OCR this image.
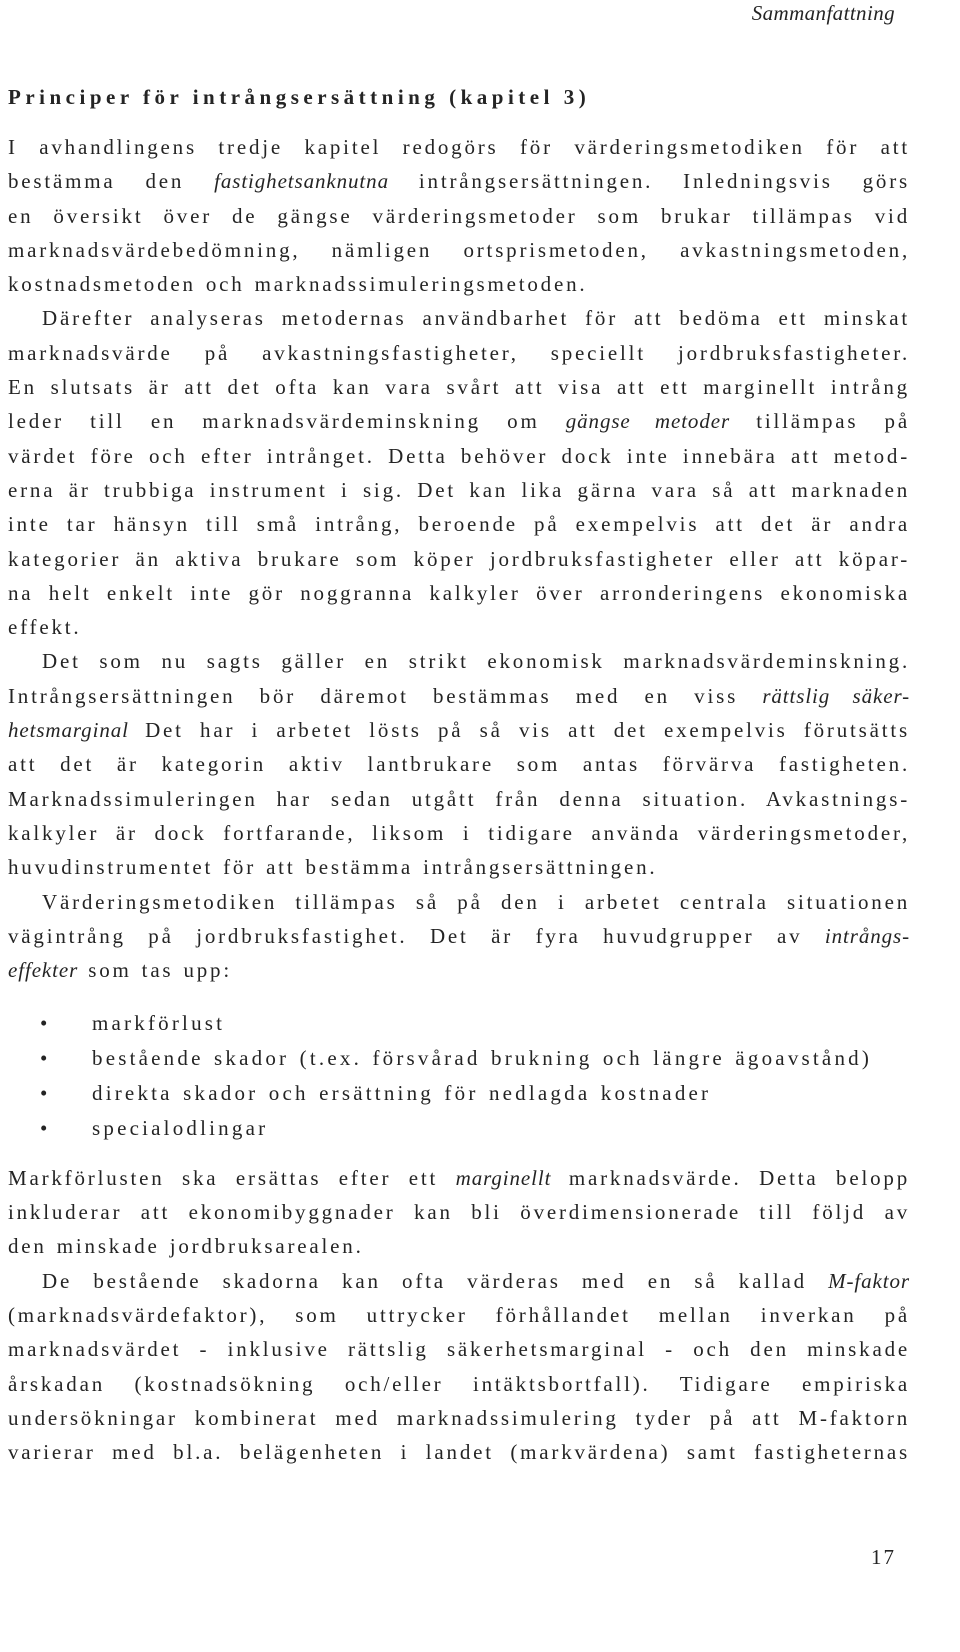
Sammanfattning
Principer för intrångsersättning (kapitel 3)
I avhandlingens tredje kapitel redogörs för värderingsmetodiken för att
bestämma den fastighetsanknutna intrångsersättningen. Inledningsvis görs
en översikt över de gängse värderingsmetoder som brukar tillämpas vid
marknadsvärdebedömning, nämligen ortsprismetoden, avkastningsmetoden,
kostnadsmetoden och marknadssimuleringsmetoden.
Därefter analyseras metodernas användbarhet för att bedöma ett minskat
marknadsvärde på avkastningsfastigheter, speciellt jordbruksfastigheter.
En slutsats är att det ofta kan vara svårt att visa att ett marginellt intrång
leder till en marknadsvärdeminskning om gängse metoder tillämpas på
värdet före och efter intrånget. Detta behöver dock inte innebära att metod-
erna är trubbiga instrument i sig. Det kan lika gärna vara så att marknaden
inte tar hänsyn till små intrång, beroende på exempelvis att det är andra
kategorier än aktiva brukare som köper jordbruksfastigheter eller att köpar-
na helt enkelt inte gör noggranna kalkyler över arronderingens ekonomiska
effekt.
Det som nu sagts gäller en strikt ekonomisk marknadsvärdeminskning.
Intrångsersättningen bör däremot bestämmas med en viss rättslig säker-
hetsmarginal Det har i arbetet lösts på så vis att det exempelvis förutsätts
att det är kategorin aktiv lantbrukare som antas förvärva fastigheten.
Marknadssimuleringen har sedan utgått från denna situation. Avkastnings-
kalkyler är dock fortfarande, liksom i tidigare använda värderingsmetoder,
huvudinstrumentet för att bestämma intrångsersättningen.
Värderingsmetodiken tillämpas så på den i arbetet centrala situationen
vägintrång på jordbruksfastighet. Det är fyra huvudgrupper av intrångs-
effekter som tas upp:
• markförlust
• bestående skador (t.ex. försvårad brukning och längre ägoavstånd)
• direkta skador och ersättning för nedlagda kostnader
• specialodlingar
Markförlusten ska ersättas efter ett marginellt marknadsvärde. Detta belopp
inkluderar att ekonomibyggnader kan bli överdimensionerade till följd av
den minskade jordbruksarealen.
De bestående skadorna kan ofta värderas med en så kallad M-faktor
(marknadsvärdefaktor), som uttrycker förhållandet mellan inverkan på
marknadsvärdet - inklusive rättslig säkerhetsmarginal - och den minskade
årskadan (kostnadsökning och/eller intäktsbortfall). Tidigare empiriska
undersökningar kombinerat med marknadssimulering tyder på att M-faktorn
varierar med bl.a. belägenheten i landet (markvärdena) samt fastigheternas
17
